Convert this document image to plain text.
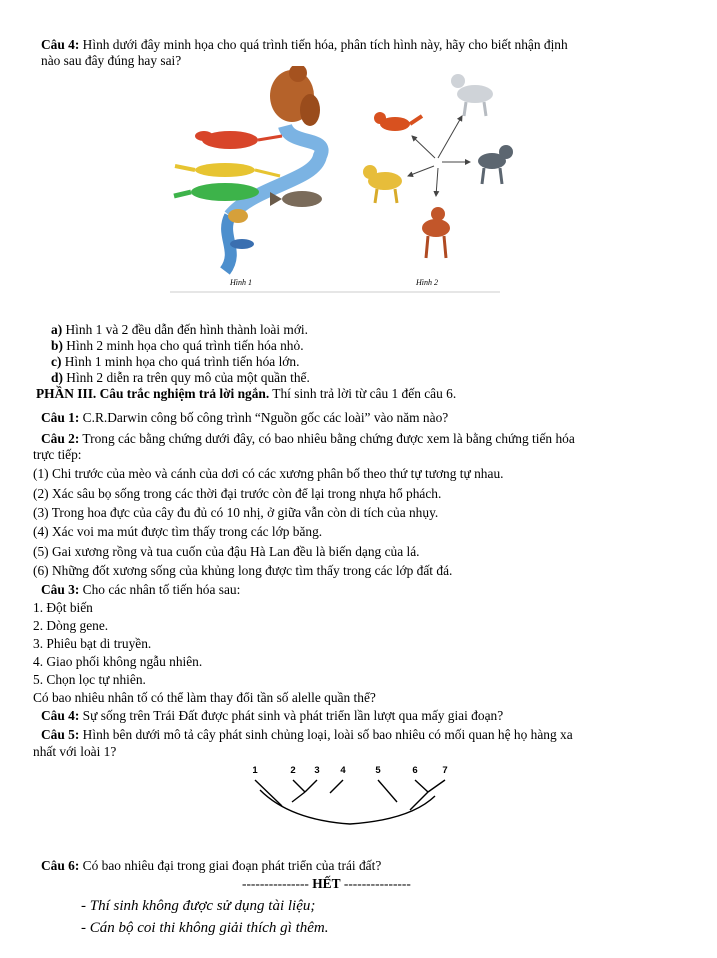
Câu 4: Hình dưới đây minh họa cho quá trình tiến hóa, phân tích hình này, hãy cho biết nhận định
nào sau đây đúng hay sai?
Hình 1	Hình 2
a) Hình 1 và 2 đều dẫn đến hình thành loài mới.
b) Hình 2 minh họa cho quá trình tiến hóa nhỏ.
c) Hình 1 minh họa cho quá trình tiến hóa lớn.
d) Hình 2 diễn ra trên quy mô của một quần thể.
PHẦN III. Câu trắc nghiệm trả lời ngắn. Thí sinh trả lời từ câu 1 đến câu 6.
Câu 1: C.R.Darwin công bố công trình “Nguồn gốc các loài” vào năm nào?
Câu 2: Trong các bằng chứng dưới đây, có bao nhiêu bằng chứng được xem là bằng chứng tiến hóa
trực tiếp:
(1) Chi trước của mèo và cánh của dơi có các xương phân bố theo thứ tự tương tự nhau.
(2) Xác sâu bọ sống trong các thời đại trước còn để lại trong nhựa hổ phách.
(3) Trong hoa đực của cây đu đủ có 10 nhị, ở giữa vẫn còn di tích của nhụy.
(4) Xác voi ma mút được tìm thấy trong các lớp băng.
(5) Gai xương rồng và tua cuốn của đậu Hà Lan đều là biến dạng của lá.
(6) Những đốt xương sống của khủng long được tìm thấy trong các lớp đất đá.
Câu 3: Cho các nhân tố tiến hóa sau:
1. Đột biến
2. Dòng gene.
3. Phiêu bạt di truyền.
4. Giao phối không ngẫu nhiên.
5. Chọn lọc tự nhiên.
Có bao nhiêu nhân tố có thể làm thay đổi tần số alelle quần thể?
Câu 4: Sự sống trên Trái Đất được phát sinh và phát triển lần lượt qua mấy giai đoạn?
Câu 5: Hình bên dưới mô tả cây phát sinh chủng loại, loài số bao nhiêu có mối quan hệ họ hàng xa
nhất với loài 1?
1	2 3 4	5	6	7
Câu 6: Có bao nhiêu đại trong giai đoạn phát triển của trái đất?
--------------- HẾT ---------------
- Thí sinh không được sử dụng tài liệu;
- Cán bộ coi thi không giải thích gì thêm.
